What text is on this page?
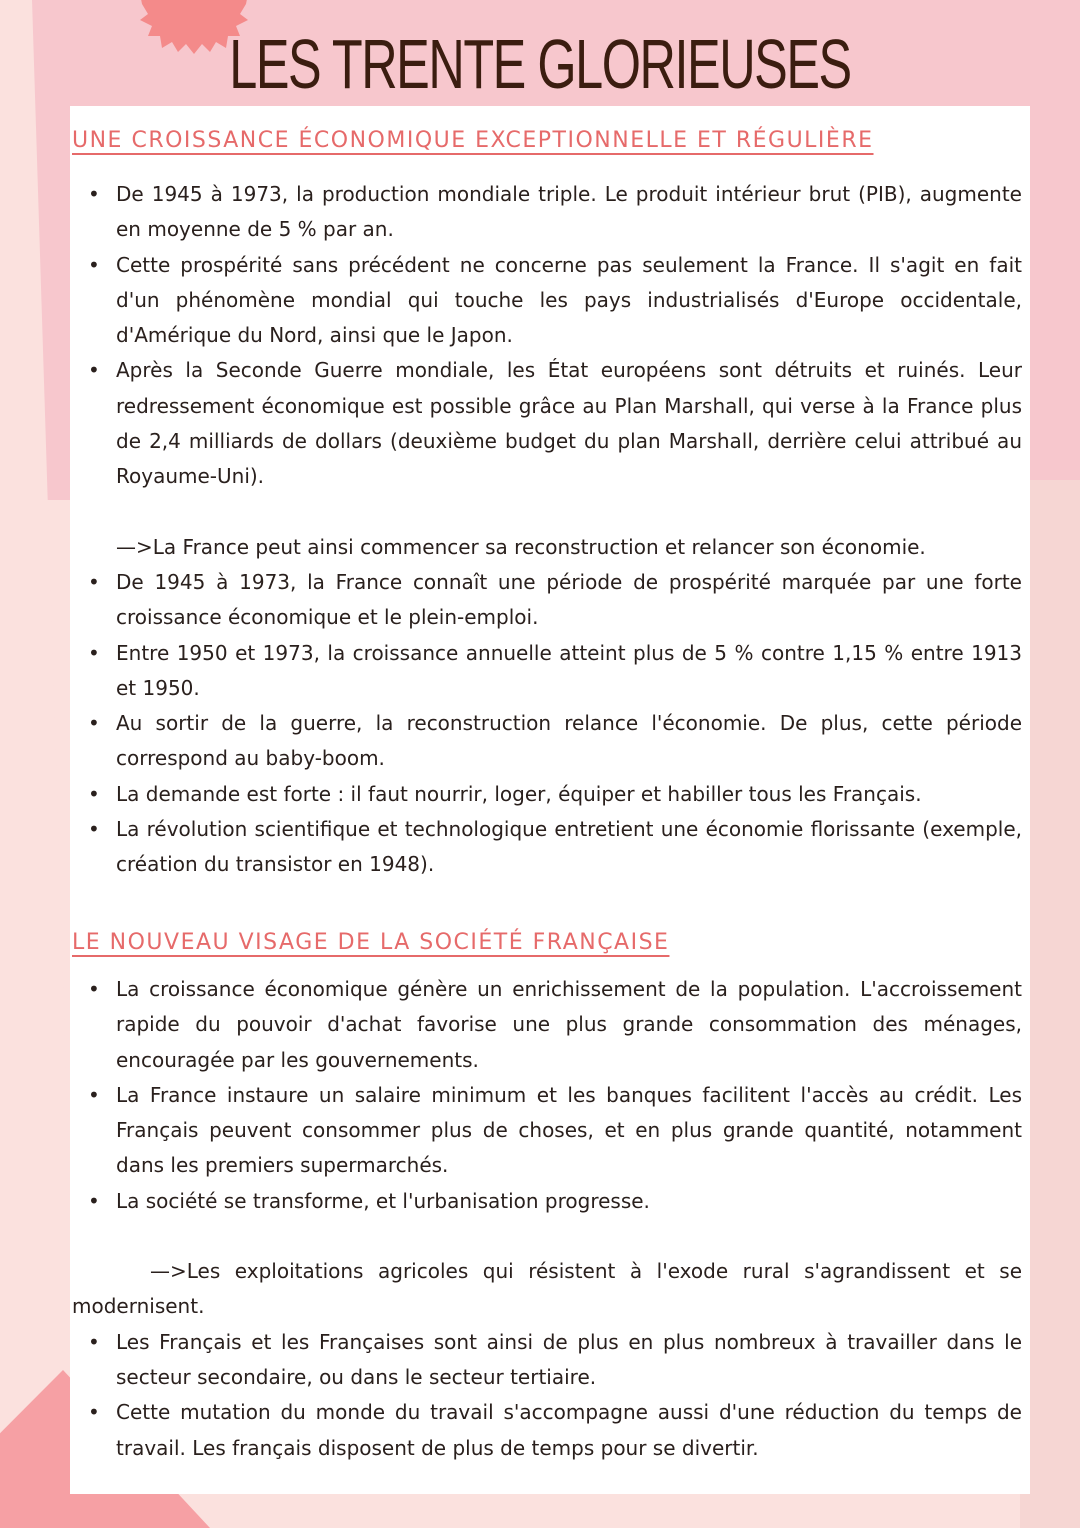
LES TRENTE GLORIEUSES
UNE CROISSANCE ÉCONOMIQUE EXCEPTIONNELLE ET RÉGULIÈRE
• De 1945 à 1973, la production mondiale triple. Le produit intérieur brut (PIB), augmente en moyenne de 5 % par an.
• Cette prospérité sans précédent ne concerne pas seulement la France. Il s'agit en fait d'un phénomène mondial qui touche les pays industrialisés d'Europe occidentale, d'Amérique du Nord, ainsi que le Japon.
• Après la Seconde Guerre mondiale, les État européens sont détruits et ruinés. Leur redressement économique est possible grâce au Plan Marshall, qui verse à la France plus de 2,4 milliards de dollars (deuxième budget du plan Marshall, derrière celui attribué au Royaume-Uni).
—>La France peut ainsi commencer sa reconstruction et relancer son économie.
• De 1945 à 1973, la France connaît une période de prospérité marquée par une forte croissance économique et le plein-emploi.
• Entre 1950 et 1973, la croissance annuelle atteint plus de 5 % contre 1,15 % entre 1913 et 1950.
• Au sortir de la guerre, la reconstruction relance l'économie. De plus, cette période correspond au baby-boom.
• La demande est forte : il faut nourrir, loger, équiper et habiller tous les Français.
• La révolution scientifique et technologique entretient une économie florissante (exemple, création du transistor en 1948).
LE NOUVEAU VISAGE DE LA SOCIÉTÉ FRANÇAISE
• La croissance économique génère un enrichissement de la population. L'accroissement rapide du pouvoir d'achat favorise une plus grande consommation des ménages, encouragée par les gouvernements.
• La France instaure un salaire minimum et les banques facilitent l'accès au crédit. Les Français peuvent consommer plus de choses, et en plus grande quantité, notamment dans les premiers supermarchés.
• La société se transforme, et l'urbanisation progresse.
—>Les exploitations agricoles qui résistent à l'exode rural s'agrandissent et se modernisent.
• Les Français et les Françaises sont ainsi de plus en plus nombreux à travailler dans le secteur secondaire, ou dans le secteur tertiaire.
• Cette mutation du monde du travail s'accompagne aussi d'une réduction du temps de travail. Les français disposent de plus de temps pour se divertir.
